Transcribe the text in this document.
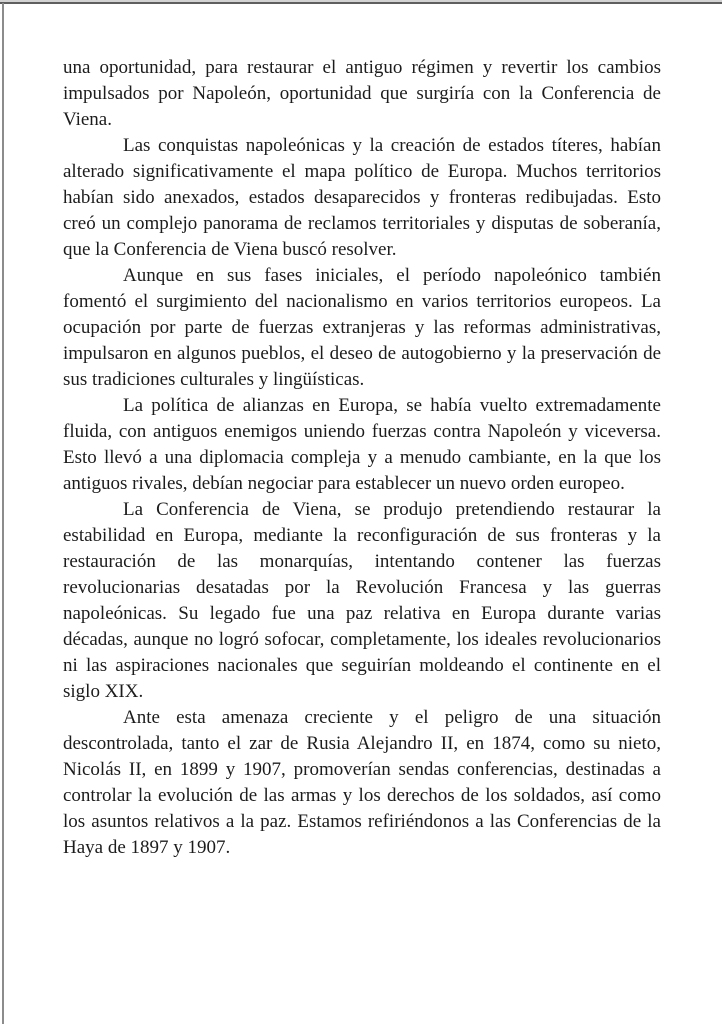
una oportunidad, para restaurar el antiguo régimen y revertir los cambios impulsados por Napoleón, oportunidad que surgiría con la Conferencia de Viena.

Las conquistas napoleónicas y la creación de estados títeres, habían alterado significativamente el mapa político de Europa. Muchos territorios habían sido anexados, estados desaparecidos y fronteras redibujadas. Esto creó un complejo panorama de reclamos territoriales y disputas de soberanía, que la Conferencia de Viena buscó resolver.

Aunque en sus fases iniciales, el período napoleónico también fomentó el surgimiento del nacionalismo en varios territorios europeos. La ocupación por parte de fuerzas extranjeras y las reformas administrativas, impulsaron en algunos pueblos, el deseo de autogobierno y la preservación de sus tradiciones culturales y lingüísticas.

La política de alianzas en Europa, se había vuelto extremadamente fluida, con antiguos enemigos uniendo fuerzas contra Napoleón y viceversa. Esto llevó a una diplomacia compleja y a menudo cambiante, en la que los antiguos rivales, debían negociar para establecer un nuevo orden europeo.

La Conferencia de Viena, se produjo pretendiendo restaurar la estabilidad en Europa, mediante la reconfiguración de sus fronteras y la restauración de las monarquías, intentando contener las fuerzas revolucionarias desatadas por la Revolución Francesa y las guerras napoleónicas. Su legado fue una paz relativa en Europa durante varias décadas, aunque no logró sofocar, completamente, los ideales revolucionarios ni las aspiraciones nacionales que seguirían moldeando el continente en el siglo XIX.

Ante esta amenaza creciente y el peligro de una situación descontrolada, tanto el zar de Rusia Alejandro II, en 1874, como su nieto, Nicolás II, en 1899 y 1907, promoverían sendas conferencias, destinadas a controlar la evolución de las armas y los derechos de los soldados, así como los asuntos relativos a la paz. Estamos refiriéndonos a las Conferencias de la Haya de 1897 y 1907.
